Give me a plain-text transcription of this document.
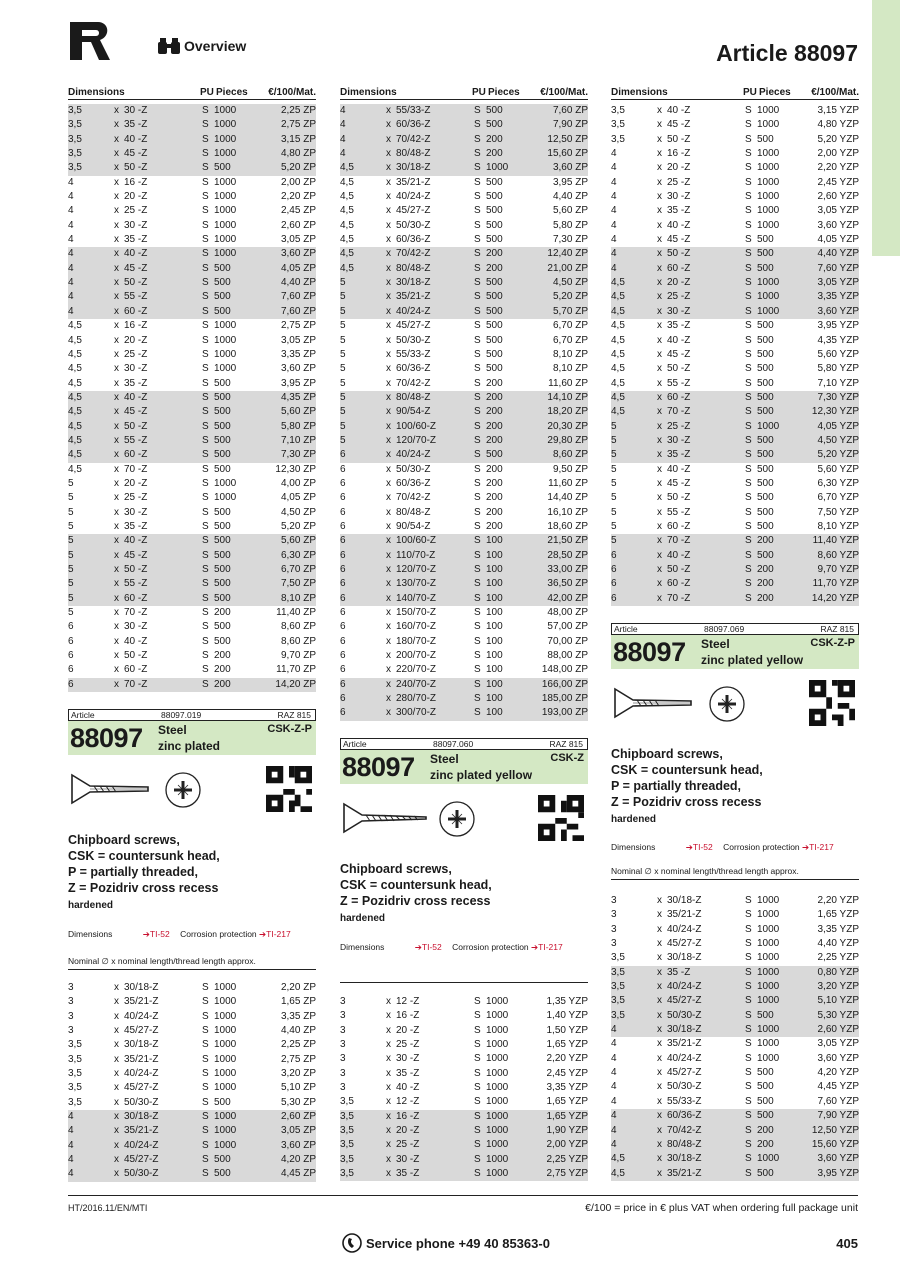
Overview	Article 88097
Dimensions	PU Pieces €/100/Mat. Dimensions	PU Pieces €/100/Mat. Dimensions	PU Pieces €/100/Mat.
3,5	x 30 -Z	S 1000	2,25 ZP
3,5	x 35 -Z	S 1000	2,75 ZP
3,5	x 40 -Z	S 1000	3,15 ZP
3,5	x 45 -Z	S 1000	4,80 ZP
3,5	x 50 -Z	S 500	5,20 ZP
4	x 16 -Z	S 1000	2,00 ZP
4	x 20 -Z	S 1000	2,20 ZP
4	x 25 -Z	S 1000	2,45 ZP
4	x 30 -Z	S 1000	2,60 ZP
4	x 35 -Z	S 1000	3,05 ZP
4	x 40 -Z	S 1000	3,60 ZP
4	x 45 -Z	S 500	4,05 ZP
4	x 50 -Z	S 500	4,40 ZP
4	x 55 -Z	S 500	7,60 ZP
4	x 60 -Z	S 500	7,60 ZP
4,5	x 16 -Z	S 1000	2,75 ZP
4,5	x 20 -Z	S 1000	3,05 ZP
4,5	x 25 -Z	S 1000	3,35 ZP
4,5	x 30 -Z	S 1000	3,60 ZP
4,5	x 35 -Z	S 500	3,95 ZP
4,5	x 40 -Z	S 500	4,35 ZP
4,5	x 45 -Z	S 500	5,60 ZP
4,5	x 50 -Z	S 500	5,80 ZP
4,5	x 55 -Z	S 500	7,10 ZP
4,5	x 60 -Z	S 500	7,30 ZP
4,5	x 70 -Z	S 500	12,30 ZP
5	x 20 -Z	S 1000	4,00 ZP
5	x 25 -Z	S 1000	4,05 ZP
5	x 30 -Z	S 500	4,50 ZP
5	x 35 -Z	S 500	5,20 ZP
5	x 40 -Z	S 500	5,60 ZP
5	x 45 -Z	S 500	6,30 ZP
5	x 50 -Z	S 500	6,70 ZP
5	x 55 -Z	S 500	7,50 ZP
5	x 60 -Z	S 500	8,10 ZP
5	x 70 -Z	S 200	11,40 ZP
6	x 30 -Z	S 500	8,60 ZP
6	x 40 -Z	S 500	8,60 ZP
6	x 50 -Z	S 200	9,70 ZP
6	x 60 -Z	S 200	11,70 ZP
6	x 70 -Z	S 200	14,20 ZP
4	x 55/33-Z	S 500	7,60 ZP
4	x 60/36-Z	S 500	7,90 ZP
4	x 70/42-Z	S 200	12,50 ZP
4	x 80/48-Z	S 200	15,60 ZP
4,5	x 30/18-Z	S 1000	3,60 ZP
4,5	x 35/21-Z	S 500	3,95 ZP
4,5	x 40/24-Z	S 500	4,40 ZP
4,5	x 45/27-Z	S 500	5,60 ZP
4,5	x 50/30-Z	S 500	5,80 ZP
4,5	x 60/36-Z	S 500	7,30 ZP
4,5	x 70/42-Z	S 200	12,40 ZP
4,5	x 80/48-Z	S 200	21,00 ZP
5	x 30/18-Z	S 500	4,50 ZP
5	x 35/21-Z	S 500	5,20 ZP
5	x 40/24-Z	S 500	5,70 ZP
5	x 45/27-Z	S 500	6,70 ZP
5	x 50/30-Z	S 500	6,70 ZP
5	x 55/33-Z	S 500	8,10 ZP
5	x 60/36-Z	S 500	8,10 ZP
5	x 70/42-Z	S 200	11,60 ZP
5	x 80/48-Z	S 200	14,10 ZP
5	x 90/54-Z	S 200	18,20 ZP
5	x 100/60-Z	S 200	20,30 ZP
5	x 120/70-Z	S 200	29,80 ZP
6	x 40/24-Z	S 500	8,60 ZP
6	x 50/30-Z	S 200	9,50 ZP
6	x 60/36-Z	S 200	11,60 ZP
6	x 70/42-Z	S 200	14,40 ZP
6	x 80/48-Z	S 200	16,10 ZP
6	x 90/54-Z	S 200	18,60 ZP
6	x 100/60-Z	S 100	21,50 ZP
6	x 110/70-Z	S 100	28,50 ZP
6	x 120/70-Z	S 100	33,00 ZP
6	x 130/70-Z	S 100	36,50 ZP
6	x 140/70-Z	S 100	42,00 ZP
6	x 150/70-Z	S 100	48,00 ZP
6	x 160/70-Z	S 100	57,00 ZP
6	x 180/70-Z	S 100	70,00 ZP
6	x 200/70-Z	S 100	88,00 ZP
6	x 220/70-Z	S 100	148,00 ZP
6	x 240/70-Z	S 100	166,00 ZP
6	x 280/70-Z	S 100	185,00 ZP
6	x 300/70-Z	S 100	193,00 ZP
3,5	x 40 -Z	S 1000	3,15 YZP
3,5	x 45 -Z	S 1000	4,80 YZP
3,5	x 50 -Z	S 500	5,20 YZP
4	x 16 -Z	S 1000	2,00 YZP
4	x 20 -Z	S 1000	2,20 YZP
4	x 25 -Z	S 1000	2,45 YZP
4	x 30 -Z	S 1000	2,60 YZP
4	x 35 -Z	S 1000	3,05 YZP
4	x 40 -Z	S 1000	3,60 YZP
4	x 45 -Z	S 500	4,05 YZP
4	x 50 -Z	S 500	4,40 YZP
4	x 60 -Z	S 500	7,60 YZP
4,5	x 20 -Z	S 1000	3,05 YZP
4,5	x 25 -Z	S 1000	3,35 YZP
4,5	x 30 -Z	S 1000	3,60 YZP
4,5	x 35 -Z	S 500	3,95 YZP
4,5	x 40 -Z	S 500	4,35 YZP
4,5	x 45 -Z	S 500	5,60 YZP
4,5	x 50 -Z	S 500	5,80 YZP
4,5	x 55 -Z	S 500	7,10 YZP
4,5	x 60 -Z	S 500	7,30 YZP
4,5	x 70 -Z	S 500	12,30 YZP
5	x 25 -Z	S 1000	4,05 YZP
5	x 30 -Z	S 500	4,50 YZP
5	x 35 -Z	S 500	5,20 YZP
5	x 40 -Z	S 500	5,60 YZP
5	x 45 -Z	S 500	6,30 YZP
5	x 50 -Z	S 500	6,70 YZP
5	x 55 -Z	S 500	7,50 YZP
5	x 60 -Z	S 500	8,10 YZP
5	x 70 -Z	S 200	11,40 YZP
6	x 40 -Z	S 500	8,60 YZP
6	x 50 -Z	S 200	9,70 YZP
6	x 60 -Z	S 200	11,70 YZP
6	x 70 -Z	S 200	14,20 YZP
Article	88097.019	RAZ 815
88097 Steel
zinc plated
CSK-Z-P
Chipboard screws,
CSK = countersunk head,
P = partially threaded,
Z = Pozidriv cross recess
hardened
Dimensions	➔TI-52 Corrosion protection ➔TI-217
Nominal ∅ x nominal length/thread length approx.
3	x 30/18-Z	S 1000	2,20 ZP
3	x 35/21-Z	S 1000	1,65 ZP
3	x 40/24-Z	S 1000	3,35 ZP
3	x 45/27-Z	S 1000	4,40 ZP
3,5	x 30/18-Z	S 1000	2,25 ZP
3,5	x 35/21-Z	S 1000	2,75 ZP
3,5	x 40/24-Z	S 1000	3,20 ZP
3,5	x 45/27-Z	S 1000	5,10 ZP
3,5	x 50/30-Z	S 500	5,30 ZP
4	x 30/18-Z	S 1000	2,60 ZP
4	x 35/21-Z	S 1000	3,05 ZP
4	x 40/24-Z	S 1000	3,60 ZP
4	x 45/27-Z	S 500	4,20 ZP
4	x 50/30-Z	S 500	4,45 ZP
Article	88097.060	RAZ 815
88097 Steel
zinc plated yellow
CSK-Z
Chipboard screws,
CSK = countersunk head,
Z = Pozidriv cross recess
hardened
Dimensions	➔TI-52 Corrosion protection ➔TI-217
3	x 12 -Z	S 1000	1,35 YZP
3	x 16 -Z	S 1000	1,40 YZP
3	x 20 -Z	S 1000	1,50 YZP
3	x 25 -Z	S 1000	1,65 YZP
3	x 30 -Z	S 1000	2,20 YZP
3	x 35 -Z	S 1000	2,45 YZP
3	x 40 -Z	S 1000	3,35 YZP
3,5	x 12 -Z	S 1000	1,65 YZP
3,5	x 16 -Z	S 1000	1,65 YZP
3,5	x 20 -Z	S 1000	1,90 YZP
3,5	x 25 -Z	S 1000	2,00 YZP
3,5	x 30 -Z	S 1000	2,25 YZP
3,5	x 35 -Z	S 1000	2,75 YZP
Article	88097.069	RAZ 815
88097 Steel
zinc plated yellow
CSK-Z-P
Chipboard screws,
CSK = countersunk head,
P = partially threaded,
Z = Pozidriv cross recess
hardened
Dimensions	➔TI-52 Corrosion protection ➔TI-217
Nominal ∅ x nominal length/thread length approx.
3	x 30/18-Z	S 1000	2,20 YZP
3	x 35/21-Z	S 1000	1,65 YZP
3	x 40/24-Z	S 1000	3,35 YZP
3	x 45/27-Z	S 1000	4,40 YZP
3,5	x 30/18-Z	S 1000	2,25 YZP
3,5	x 35 -Z	S 1000	0,80 YZP
3,5	x 40/24-Z	S 1000	3,20 YZP
3,5	x 45/27-Z	S 1000	5,10 YZP
3,5	x 50/30-Z	S 500	5,30 YZP
4	x 30/18-Z	S 1000	2,60 YZP
4	x 35/21-Z	S 1000	3,05 YZP
4	x 40/24-Z	S 1000	3,60 YZP
4	x 45/27-Z	S 500	4,20 YZP
4	x 50/30-Z	S 500	4,45 YZP
4	x 55/33-Z	S 500	7,60 YZP
4	x 60/36-Z	S 500	7,90 YZP
4	x 70/42-Z	S 200	12,50 YZP
4	x 80/48-Z	S 200	15,60 YZP
4,5	x 30/18-Z	S 1000	3,60 YZP
4,5	x 35/21-Z	S 500	3,95 YZP
HT/2016.11/EN/MTI	€/100 = price in € plus VAT when ordering full package unit
Service phone +49 40 85363-0	405
